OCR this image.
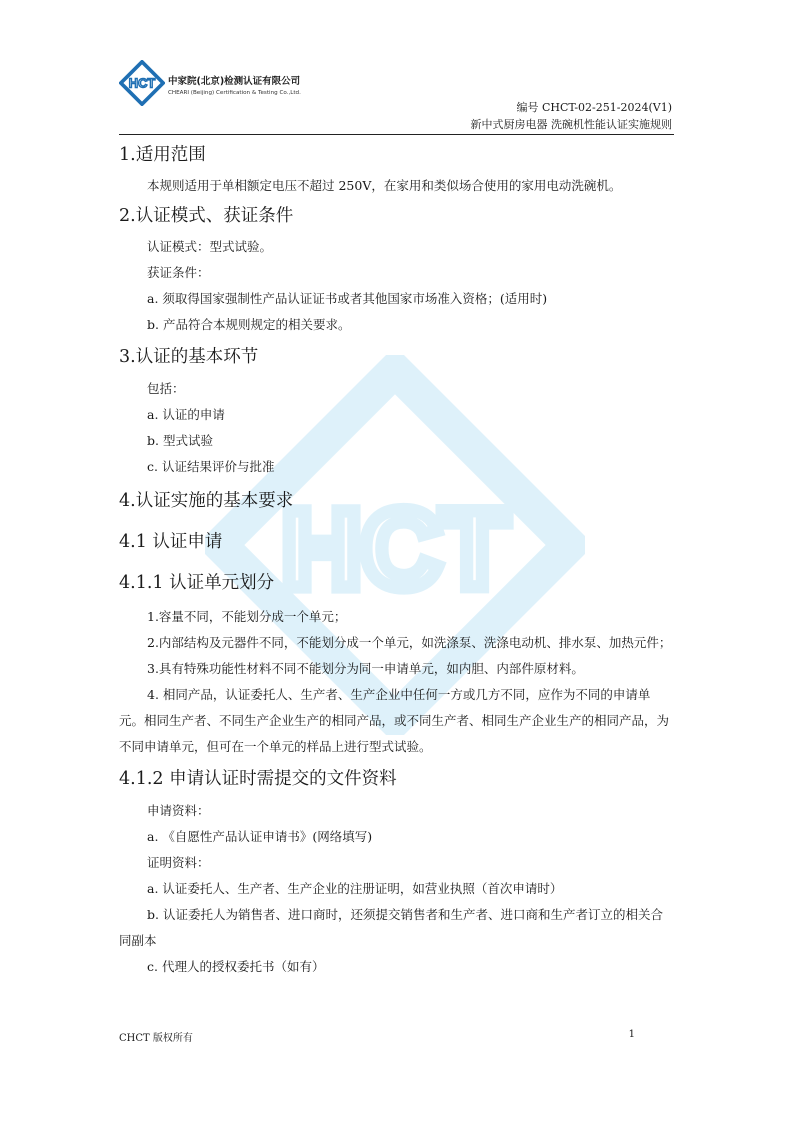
HCT
HCT 中家院(北京)检测认证有限公司
CHEARI (Beijing) Certification & Testing Co.,Ltd.
编号 CHCT-02-251-2024(V1)
新中式厨房电器 洗碗机性能认证实施规则
1.适用范围
本规则适用于单相额定电压不超过 250V，在家用和类似场合使用的家用电动洗碗机。
2.认证模式、获证条件
认证模式：型式试验。
获证条件：
a. 须取得国家强制性产品认证证书或者其他国家市场准入资格；(适用时)
b. 产品符合本规则规定的相关要求。
3.认证的基本环节
包括：
a. 认证的申请
b. 型式试验
c. 认证结果评价与批准
4.认证实施的基本要求
4.1 认证申请
4.1.1 认证单元划分
1.容量不同，不能划分成一个单元；
2.内部结构及元器件不同，不能划分成一个单元，如洗涤泵、洗涤电动机、排水泵、加热元件；
3.具有特殊功能性材料不同不能划分为同一申请单元，如内胆、内部件原材料。
4. 相同产品，认证委托人、生产者、生产企业中任何一方或几方不同，应作为不同的申请单元。相同生产者、不同生产企业生产的相同产品，或不同生产者、相同生产企业生产的相同产品，为不同申请单元，但可在一个单元的样品上进行型式试验。
4.1.2 申请认证时需提交的文件资料
申请资料：
a. 《自愿性产品认证申请书》(网络填写)
证明资料：
a. 认证委托人、生产者、生产企业的注册证明，如营业执照（首次申请时）
b. 认证委托人为销售者、进口商时，还须提交销售者和生产者、进口商和生产者订立的相关合同副本
c. 代理人的授权委托书（如有）
CHCT 版权所有	1
